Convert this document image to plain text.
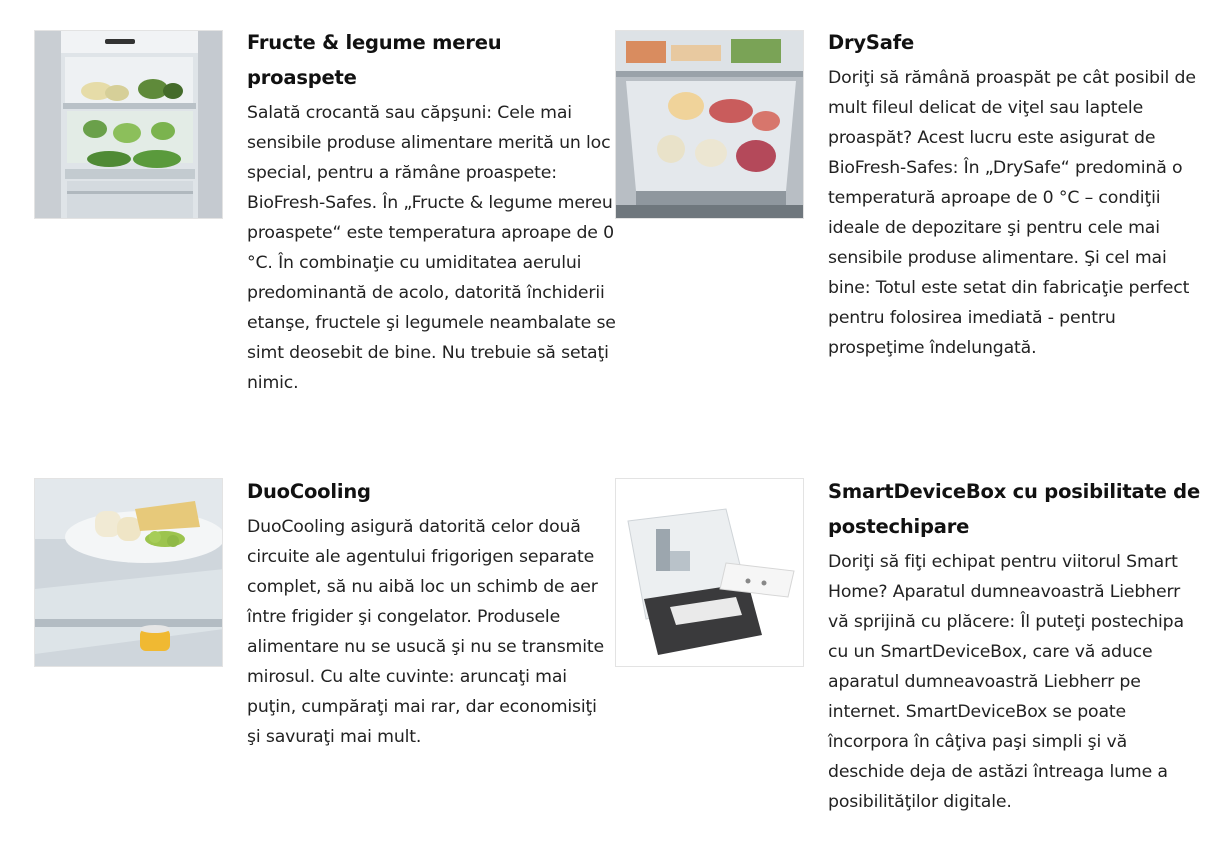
Fructe & legume mereu proaspete
Salată crocantă sau căpşuni: Cele mai sensibile produse alimentare merită un loc special, pentru a rămâne proaspete: BioFresh-Safes. În „Fructe & legume mereu proaspete“ este temperatura aproape de 0 °C. În combinaţie cu umiditatea aerului predominantă de acolo, datorită închiderii etanşe, fructele şi legumele neambalate se simt deosebit de bine. Nu trebuie să setaţi nimic.
DrySafe
Doriţi să rămână proaspăt pe cât posibil de mult fileul delicat de viţel sau laptele proaspăt? Acest lucru este asigurat de BioFresh-Safes: În „DrySafe“ predomină o temperatură aproape de 0 °C – condiţii ideale de depozitare şi pentru cele mai sensibile produse alimentare. Şi cel mai bine: Totul este setat din fabricaţie perfect pentru folosirea imediată - pentru prospeţime îndelungată.
DuoCooling
DuoCooling asigură datorită celor două circuite ale agentului frigorigen separate complet, să nu aibă loc un schimb de aer între frigider şi congelator. Produsele alimentare nu se usucă şi nu se transmite mirosul. Cu alte cuvinte: aruncaţi mai puţin, cumpăraţi mai rar, dar economisiţi şi savuraţi mai mult.
SmartDeviceBox cu posibilitate de postechipare
Doriţi să fiţi echipat pentru viitorul Smart Home? Aparatul dumneavoastră Liebherr vă sprijină cu plăcere: Îl puteţi postechipa cu un SmartDeviceBox, care vă aduce aparatul dumneavoastră Liebherr pe internet. SmartDeviceBox se poate încorpora în câţiva paşi simpli şi vă deschide deja de astăzi întreaga lume a posibilităţilor digitale.
